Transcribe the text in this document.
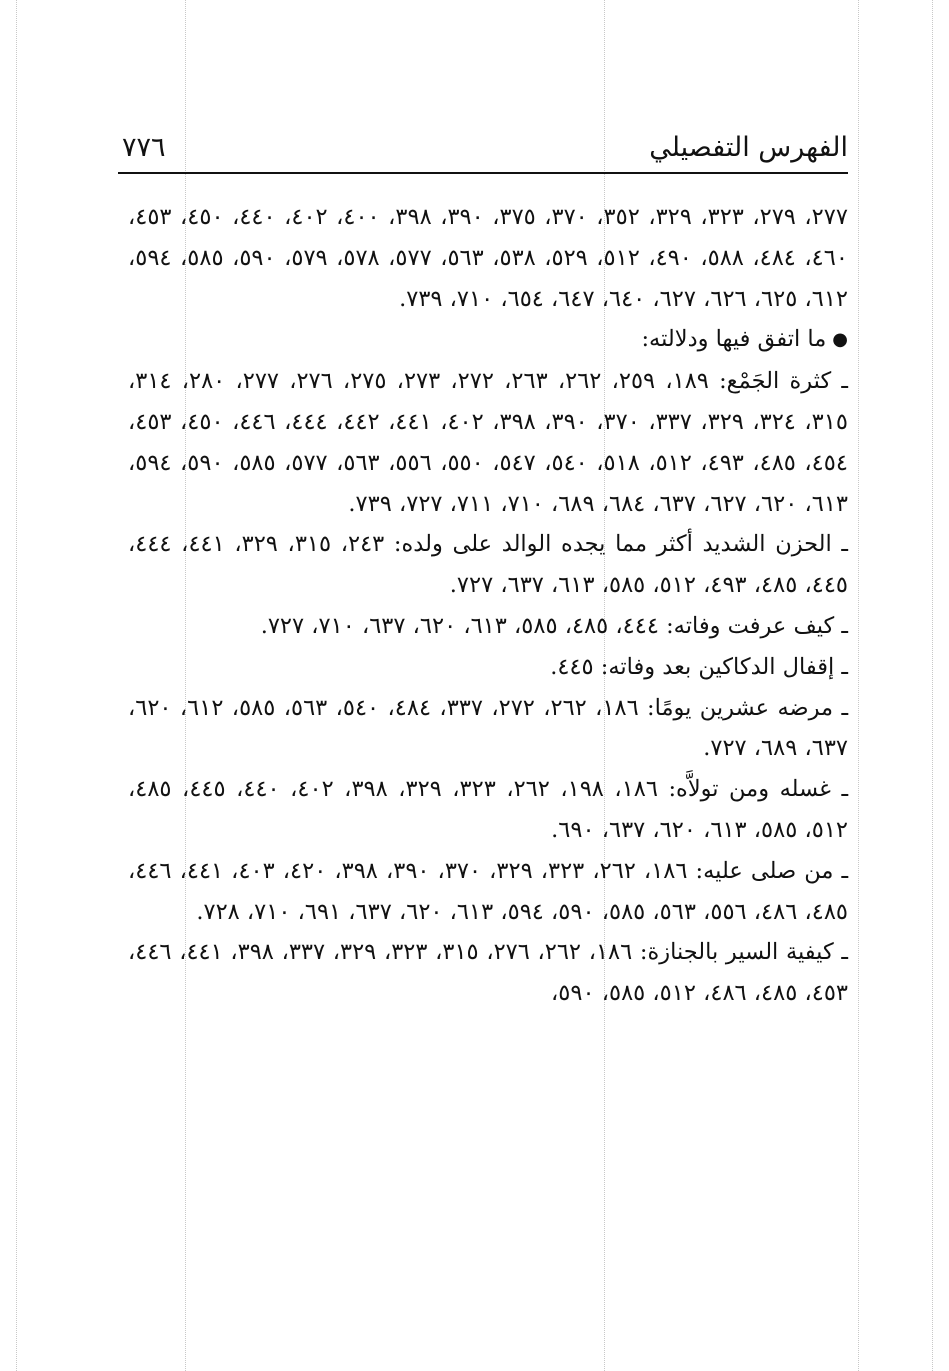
الفهرس التفصيلي
٧٧٦

٢٧٧، ٢٧٩، ٣٢٣، ٣٢٩، ٣٥٢، ٣٧٠، ٣٧٥، ٣٩٠، ٣٩٨، ٤٠٠، ٤٠٢، ٤٤٠، ٤٥٠، ٤٥٣، ٤٦٠، ٤٨٤، ٥٨٨، ٤٩٠، ٥١٢، ٥٢٩، ٥٣٨، ٥٦٣، ٥٧٧، ٥٧٨، ٥٧٩، ٥٩٠، ٥٨٥، ٥٩٤، ٦١٢، ٦٢٥، ٦٢٦، ٦٢٧، ٦٤٠، ٦٤٧، ٦٥٤، ٧١٠، ٧٣٩.

● ما اتفق فيها ودلالته:

ـ كثرة الجَمْع: ١٨٩، ٢٥٩، ٢٦٢، ٢٦٣، ٢٧٢، ٢٧٣، ٢٧٥، ٢٧٦، ٢٧٧، ٢٨٠، ٣١٤، ٣١٥، ٣٢٤، ٣٢٩، ٣٣٧، ٣٧٠، ٣٩٠، ٣٩٨، ٤٠٢، ٤٤١، ٤٤٢، ٤٤٤، ٤٤٦، ٤٥٠، ٤٥٣، ٤٥٤، ٤٨٥، ٤٩٣، ٥١٢، ٥١٨، ٥٤٠، ٥٤٧، ٥٥٠، ٥٥٦، ٥٦٣، ٥٧٧، ٥٨٥، ٥٩٠، ٥٩٤، ٦١٣، ٦٢٠، ٦٢٧، ٦٣٧، ٦٨٤، ٦٨٩، ٧١٠، ٧١١، ٧٢٧، ٧٣٩.

ـ الحزن الشديد أكثر مما يجده الوالد على ولده: ٢٤٣، ٣١٥، ٣٢٩، ٤٤١، ٤٤٤، ٤٤٥، ٤٨٥، ٤٩٣، ٥١٢، ٥٨٥، ٦١٣، ٦٣٧، ٧٢٧.

ـ كيف عرفت وفاته: ٤٤٤، ٤٨٥، ٥٨٥، ٦١٣، ٦٢٠، ٦٣٧، ٧١٠، ٧٢٧.

ـ إقفال الدكاكين بعد وفاته: ٤٤٥.

ـ مرضه عشرين يومًا: ١٨٦، ٢٦٢، ٢٧٢، ٣٣٧، ٤٨٤، ٥٤٠، ٥٦٣، ٥٨٥، ٦١٢، ٦٢٠، ٦٣٧، ٦٨٩، ٧٢٧.

ـ غسله ومن تولاَّه: ١٨٦، ١٩٨، ٢٦٢، ٣٢٣، ٣٢٩، ٣٩٨، ٤٠٢، ٤٤٠، ٤٤٥، ٤٨٥، ٥١٢، ٥٨٥، ٦١٣، ٦٢٠، ٦٣٧، ٦٩٠.

ـ من صلى عليه: ١٨٦، ٢٦٢، ٣٢٣، ٣٢٩، ٣٧٠، ٣٩٠، ٣٩٨، ٤٢٠، ٤٠٣، ٤٤١، ٤٤٦، ٤٨٥، ٤٨٦، ٥٥٦، ٥٦٣، ٥٨٥، ٥٩٠، ٥٩٤، ٦١٣، ٦٢٠، ٦٣٧، ٦٩١، ٧١٠، ٧٢٨.

ـ كيفية السير بالجنازة: ١٨٦، ٢٦٢، ٢٧٦، ٣١٥، ٣٢٣، ٣٢٩، ٣٣٧، ٣٩٨، ٤٤١، ٤٤٦، ٤٥٣، ٤٨٥، ٤٨٦، ٥١٢، ٥٨٥، ٥٩٠،
